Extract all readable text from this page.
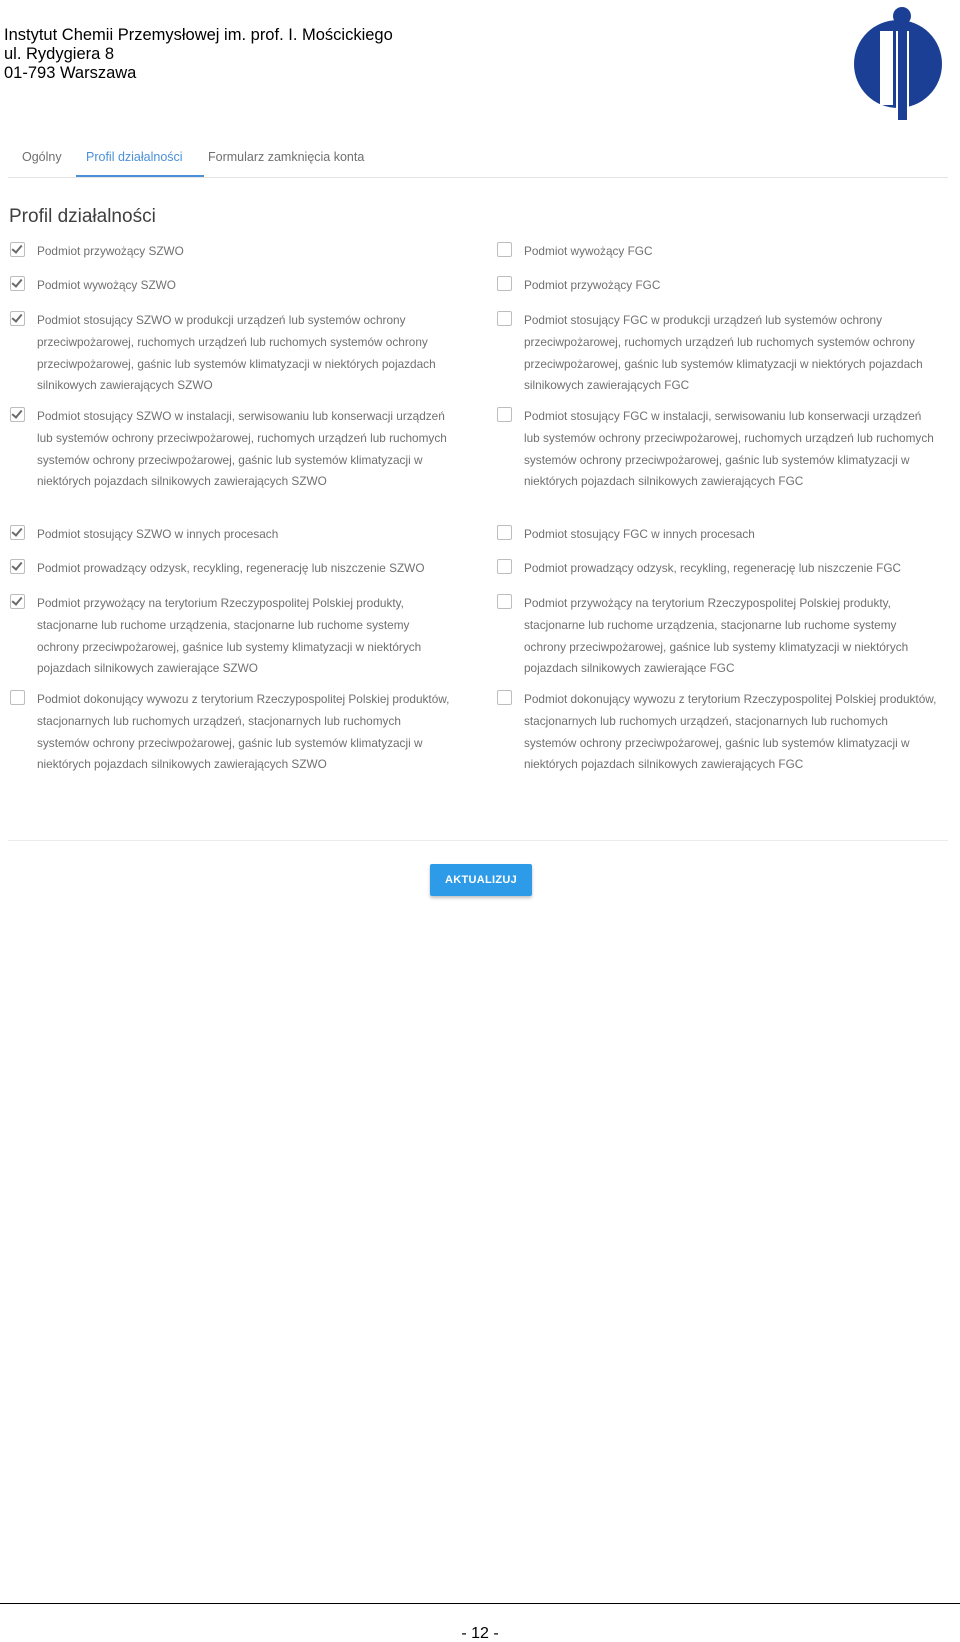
Instytut Chemii Przemysłowej im. prof. I. Mościckiego
ul. Rydygiera 8
01-793 Warszawa
Ogólny Profil działalności Formularz zamknięcia konta
Profil działalności
Podmiot przywożący SZWO
Podmiot wywożący SZWO
Podmiot stosujący SZWO w produkcji urządzeń lub systemów ochrony przeciwpożarowej, ruchomych urządzeń lub ruchomych systemów ochrony przeciwpożarowej, gaśnic lub systemów klimatyzacji w niektórych pojazdach silnikowych zawierających SZWO
Podmiot stosujący SZWO w instalacji, serwisowaniu lub konserwacji urządzeń lub systemów ochrony przeciwpożarowej, ruchomych urządzeń lub ruchomych systemów ochrony przeciwpożarowej, gaśnic lub systemów klimatyzacji w niektórych pojazdach silnikowych zawierających SZWO
Podmiot stosujący SZWO w innych procesach
Podmiot prowadzący odzysk, recykling, regenerację lub niszczenie SZWO
Podmiot przywożący na terytorium Rzeczypospolitej Polskiej produkty, stacjonarne lub ruchome urządzenia, stacjonarne lub ruchome systemy ochrony przeciwpożarowej, gaśnice lub systemy klimatyzacji w niektórych pojazdach silnikowych zawierające SZWO
Podmiot dokonujący wywozu z terytorium Rzeczypospolitej Polskiej produktów, stacjonarnych lub ruchomych urządzeń, stacjonarnych lub ruchomych systemów ochrony przeciwpożarowej, gaśnic lub systemów klimatyzacji w niektórych pojazdach silnikowych zawierających SZWO
Podmiot wywożący FGC
Podmiot przywożący FGC
Podmiot stosujący FGC w produkcji urządzeń lub systemów ochrony przeciwpożarowej, ruchomych urządzeń lub ruchomych systemów ochrony przeciwpożarowej, gaśnic lub systemów klimatyzacji w niektórych pojazdach silnikowych zawierających FGC
Podmiot stosujący FGC w instalacji, serwisowaniu lub konserwacji urządzeń lub systemów ochrony przeciwpożarowej, ruchomych urządzeń lub ruchomych systemów ochrony przeciwpożarowej, gaśnic lub systemów klimatyzacji w niektórych pojazdach silnikowych zawierających FGC
Podmiot stosujący FGC w innych procesach
Podmiot prowadzący odzysk, recykling, regenerację lub niszczenie FGC
Podmiot przywożący na terytorium Rzeczypospolitej Polskiej produkty, stacjonarne lub ruchome urządzenia, stacjonarne lub ruchome systemy ochrony przeciwpożarowej, gaśnice lub systemy klimatyzacji w niektórych pojazdach silnikowych zawierające FGC
Podmiot dokonujący wywozu z terytorium Rzeczypospolitej Polskiej produktów, stacjonarnych lub ruchomych urządzeń, stacjonarnych lub ruchomych systemów ochrony przeciwpożarowej, gaśnic lub systemów klimatyzacji w niektórych pojazdach silnikowych zawierających FGC
AKTUALIZUJ
- 12 -
